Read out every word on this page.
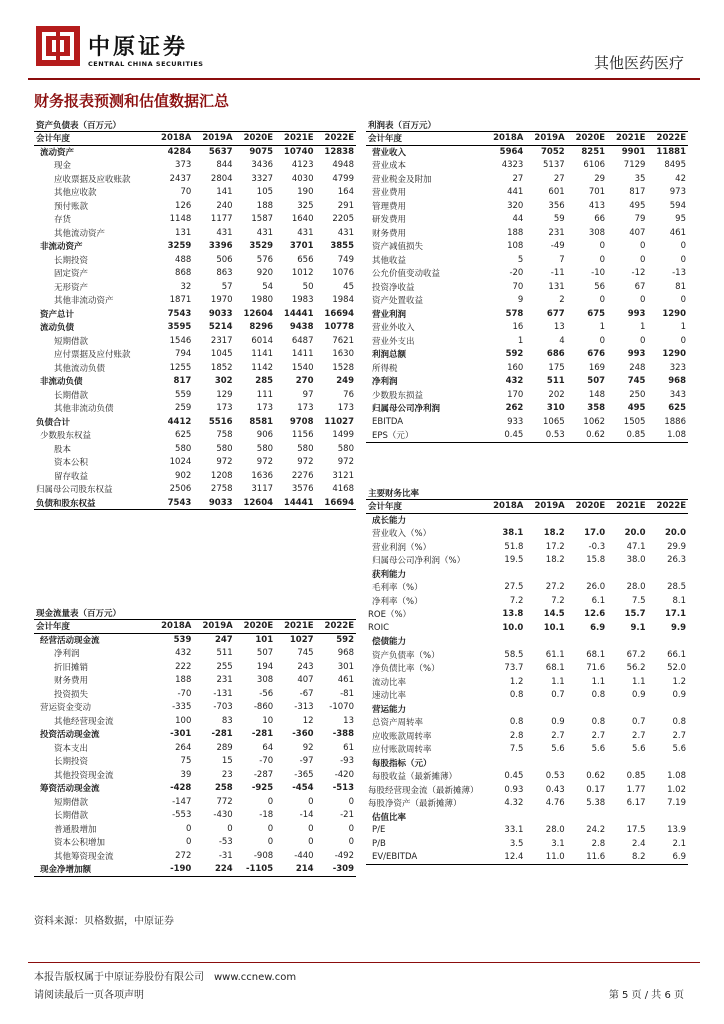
中原证券
CENTRAL CHINA SECURITIES	其他医药医疗
财务报表预测和估值数据汇总
资产负债表（百万元）					
会计年度	2018A	2019A	2020E	2021E	2022E
流动资产	4284	5637	9075	10740	12838
现金	373	844	3436	4123	4948
应收票据及应收账款	2437	2804	3327	4030	4799
其他应收款	70	141	105	190	164
预付账款	126	240	188	325	291
存货	1148	1177	1587	1640	2205
其他流动资产	131	431	431	431	431
非流动资产	3259	3396	3529	3701	3855
长期投资	488	506	576	656	749
固定资产	868	863	920	1012	1076
无形资产	32	57	54	50	45
其他非流动资产	1871	1970	1980	1983	1984
资产总计	7543	9033	12604	14441	16694
流动负债	3595	5214	8296	9438	10778
短期借款	1546	2317	6014	6487	7621
应付票据及应付账款	794	1045	1141	1411	1630
其他流动负债	1255	1852	1142	1540	1528
非流动负债	817	302	285	270	249
长期借款	559	129	111	97	76
其他非流动负债	259	173	173	173	173
负债合计	4412	5516	8581	9708	11027
少数股东权益	625	758	906	1156	1499
股本	580	580	580	580	580
资本公积	1024	972	972	972	972
留存收益	902	1208	1636	2276	3121
归属母公司股东权益	2506	2758	3117	3576	4168
负债和股东权益	7543	9033	12604	14441	16694
利润表（百万元）					
会计年度	2018A	2019A	2020E	2021E	2022E
营业收入	5964	7052	8251	9901	11881
营业成本	4323	5137	6106	7129	8495
营业税金及附加	27	27	29	35	42
营业费用	441	601	701	817	973
管理费用	320	356	413	495	594
研发费用	44	59	66	79	95
财务费用	188	231	308	407	461
资产减值损失	108	-49	0	0	0
其他收益	5	7	0	0	0
公允价值变动收益	-20	-11	-10	-12	-13
投资净收益	70	131	56	67	81
资产处置收益	9	2	0	0	0
营业利润	578	677	675	993	1290
营业外收入	16	13	1	1	1
营业外支出	1	4	0	0	0
利润总额	592	686	676	993	1290
所得税	160	175	169	248	323
净利润	432	511	507	745	968
少数股东损益	170	202	148	250	343
归属母公司净利润	262	310	358	495	625
EBITDA	933	1065	1062	1505	1886
EPS（元）	0.45	0.53	0.62	0.85	1.08
主要财务比率					
会计年度	2018A	2019A	2020E	2021E	2022E
成长能力					
营业收入（%）	38.1	18.2	17.0	20.0	20.0
营业利润（%）	51.8	17.2	-0.3	47.1	29.9
归属母公司净利润（%）	19.5	18.2	15.8	38.0	26.3
获利能力					
毛利率（%）	27.5	27.2	26.0	28.0	28.5
净利率（%）	7.2	7.2	6.1	7.5	8.1
ROE（%）	13.8	14.5	12.6	15.7	17.1
ROIC	10.0	10.1	6.9	9.1	9.9
偿债能力					
资产负债率（%）	58.5	61.1	68.1	67.2	66.1
净负债比率（%）	73.7	68.1	71.6	56.2	52.0
流动比率	1.2	1.1	1.1	1.1	1.2
速动比率	0.8	0.7	0.8	0.9	0.9
营运能力					
总资产周转率	0.8	0.9	0.8	0.7	0.8
应收账款周转率	2.8	2.7	2.7	2.7	2.7
应付账款周转率	7.5	5.6	5.6	5.6	5.6
每股指标（元）					
每股收益（最新摊薄）	0.45	0.53	0.62	0.85	1.08
每股经营现金流（最新摊薄）	0.93	0.43	0.17	1.77	1.02
每股净资产（最新摊薄）	4.32	4.76	5.38	6.17	7.19
估值比率					
P/E	33.1	28.0	24.2	17.5	13.9
P/B	3.5	3.1	2.8	2.4	2.1
EV/EBITDA	12.4	11.0	11.6	8.2	6.9
现金流量表（百万元）					
会计年度	2018A	2019A	2020E	2021E	2022E
经营活动现金流	539	247	101	1027	592
净利润	432	511	507	745	968
折旧摊销	222	255	194	243	301
财务费用	188	231	308	407	461
投资损失	-70	-131	-56	-67	-81
营运资金变动	-335	-703	-860	-313	-1070
其他经营现金流	100	83	10	12	13
投资活动现金流	-301	-281	-281	-360	-388
资本支出	264	289	64	92	61
长期投资	75	15	-70	-97	-93
其他投资现金流	39	23	-287	-365	-420
筹资活动现金流	-428	258	-925	-454	-513
短期借款	-147	772	0	0	0
长期借款	-553	-430	-18	-14	-21
普通股增加	0	0	0	0	0
资本公积增加	0	-53	0	0	0
其他筹资现金流	272	-31	-908	-440	-492
现金净增加额	-190	224	-1105	214	-309
资料来源：贝格数据，中原证券
本报告版权属于中原证券股份有限公司　www.ccnew.com
请阅读最后一页各项声明	第 5 页 / 共 6 页
